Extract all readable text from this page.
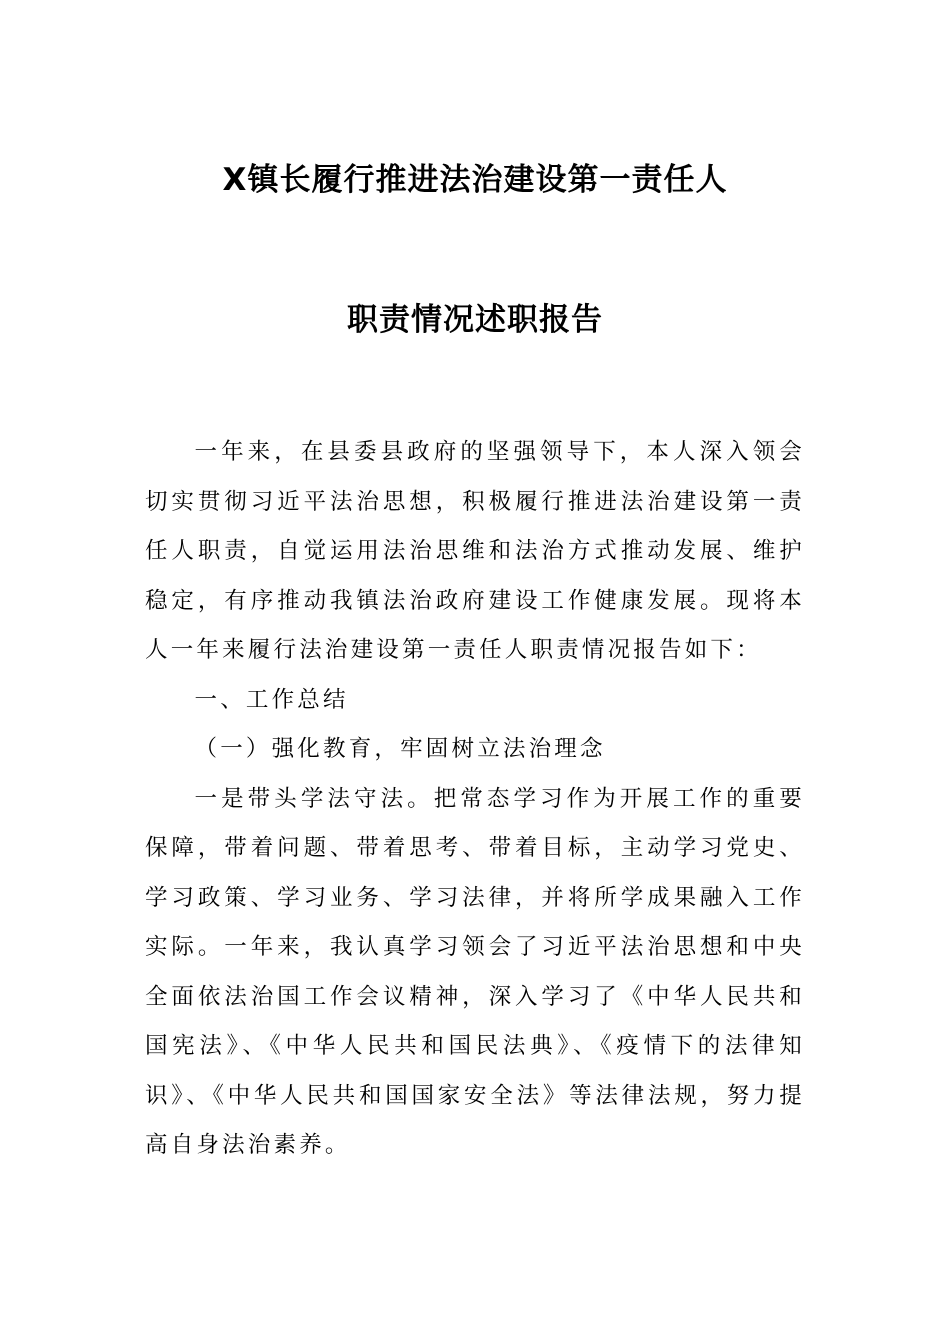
X镇长履行推进法治建设第一责任人
职责情况述职报告

一年来，在县委县政府的坚强领导下，本人深入领会切实贯彻习近平法治思想，积极履行推进法治建设第一责任人职责，自觉运用法治思维和法治方式推动发展、维护稳定，有序推动我镇法治政府建设工作健康发展。现将本人一年来履行法治建设第一责任人职责情况报告如下：

一、工作总结

（一）强化教育，牢固树立法治理念

一是带头学法守法。把常态学习作为开展工作的重要保障，带着问题、带着思考、带着目标，主动学习党史、学习政策、学习业务、学习法律，并将所学成果融入工作实际。一年来，我认真学习领会了习近平法治思想和中央全面依法治国工作会议精神，深入学习了《中华人民共和国宪法》、《中华人民共和国民法典》、《疫情下的法律知识》、《中华人民共和国国家安全法》等法律法规，努力提高自身法治素养。
